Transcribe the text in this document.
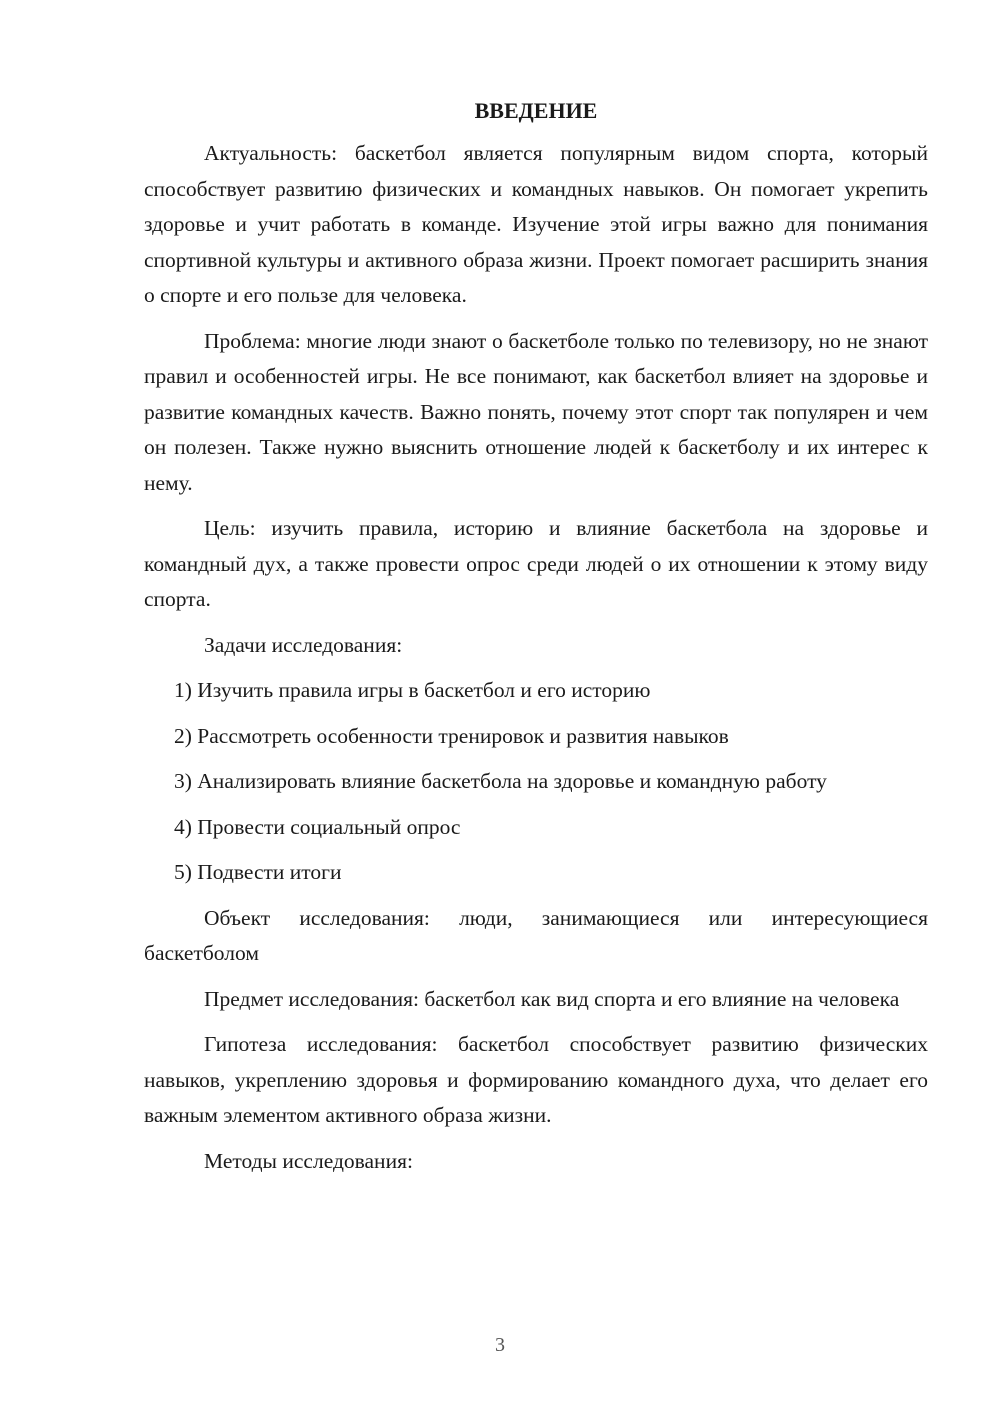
ВВЕДЕНИЕ

Актуальность: баскетбол является популярным видом спорта, который способствует развитию физических и командных навыков. Он помогает укрепить здоровье и учит работать в команде. Изучение этой игры важно для понимания спортивной культуры и активного образа жизни. Проект помогает расширить знания о спорте и его пользе для человека.

Проблема: многие люди знают о баскетболе только по телевизору, но не знают правил и особенностей игры. Не все понимают, как баскетбол влияет на здоровье и развитие командных качеств. Важно понять, почему этот спорт так популярен и чем он полезен. Также нужно выяснить отношение людей к баскетболу и их интерес к нему.

Цель: изучить правила, историю и влияние баскетбола на здоровье и командный дух, а также провести опрос среди людей о их отношении к этому виду спорта.

Задачи исследования:

1) Изучить правила игры в баскетбол и его историю

2) Рассмотреть особенности тренировок и развития навыков

3) Анализировать влияние баскетбола на здоровье и командную работу

4) Провести социальный опрос

5) Подвести итоги

Объект исследования: люди, занимающиеся или интересующиеся баскетболом

Предмет исследования: баскетбол как вид спорта и его влияние на человека

Гипотеза исследования: баскетбол способствует развитию физических навыков, укреплению здоровья и формированию командного духа, что делает его важным элементом активного образа жизни.

Методы исследования:

3
